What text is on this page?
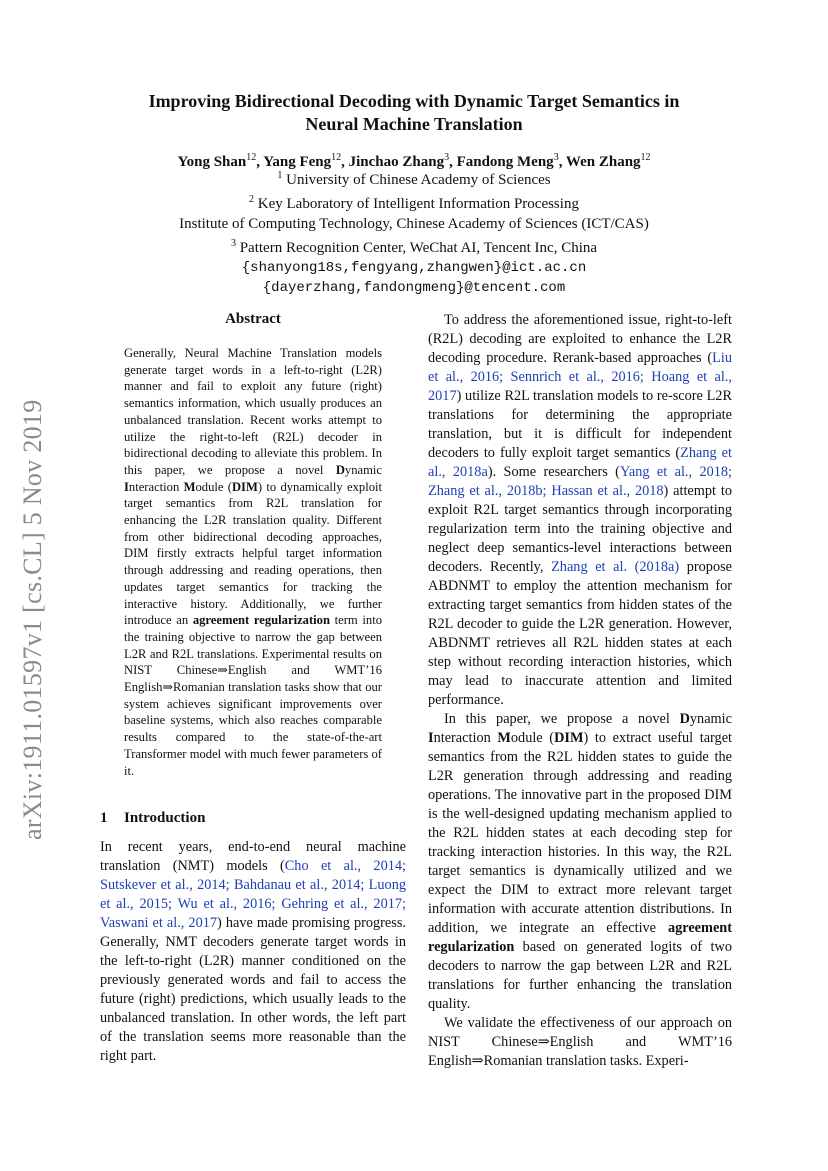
Improving Bidirectional Decoding with Dynamic Target Semantics in
Neural Machine Translation
Yong Shan$^{12}$, Yang Feng$^{12}$, Jinchao Zhang$^3$, Fandong Meng$^3$, Wen Zhang$^{12}$
$^1$ University of Chinese Academy of Sciences
$^2$ Key Laboratory of Intelligent Information Processing
Institute of Computing Technology, Chinese Academy of Sciences (ICT/CAS)
$^3$ Pattern Recognition Center, WeChat AI, Tencent Inc, China
{shanyong18s,fengyang,zhangwen}@ict.ac.cn
{dayerzhang,fandongmeng}@tencent.com
arXiv:1911.01597v1 [cs.CL] 5 Nov 2019
Abstract
Generally, Neural Machine Translation models generate target words in a left-to-right (L2R) manner and fail to exploit any future (right) semantics information, which usually produces an unbalanced translation. Recent works attempt to utilize the right-to-left (R2L) decoder in bidirectional decoding to alleviate this problem. In this paper, we propose a novel Dynamic Interaction Module (DIM) to dynamically exploit target semantics from R2L translation for enhancing the L2R translation quality. Different from other bidirectional decoding approaches, DIM firstly extracts helpful target information through addressing and reading operations, then updates target semantics for tracking the interactive history. Additionally, we further introduce an agreement regularization term into the training objective to narrow the gap between L2R and R2L translations. Experimental results on NIST Chinese⇒English and WMT’16 English⇒Romanian translation tasks show that our system achieves significant improvements over baseline systems, which also reaches comparable results compared to the state-of-the-art Transformer model with much fewer parameters of it.
1 Introduction

In recent years, end-to-end neural machine translation (NMT) models (Cho et al., 2014; Sutskever et al., 2014; Bahdanau et al., 2014; Luong et al., 2015; Wu et al., 2016; Gehring et al., 2017; Vaswani et al., 2017) have made promising progress. Generally, NMT decoders generate target words in the left-to-right (L2R) manner conditioned on the previously generated words and fail to access the future (right) predictions, which usually leads to the unbalanced translation. In other words, the left part of the translation seems more reasonable than the right part.

To address the aforementioned issue, right-to-left (R2L) decoding are exploited to enhance the L2R decoding procedure. Rerank-based approaches (Liu et al., 2016; Sennrich et al., 2016; Hoang et al., 2017) utilize R2L translation models to re-score L2R translations for determining the appropriate translation, but it is difficult for independent decoders to fully exploit target semantics (Zhang et al., 2018a). Some researchers (Yang et al., 2018; Zhang et al., 2018b; Hassan et al., 2018) attempt to exploit R2L target semantics through incorporating regularization term into the training objective and neglect deep semantics-level interactions between decoders. Recently, Zhang et al. (2018a) propose ABDNMT to employ the attention mechanism for extracting target semantics from hidden states of the R2L decoder to guide the L2R generation. However, ABDNMT retrieves all R2L hidden states at each step without recording interaction histories, which may lead to inaccurate attention and limited performance.

In this paper, we propose a novel Dynamic Interaction Module (DIM) to extract useful target semantics from the R2L hidden states to guide the L2R generation through addressing and reading operations. The innovative part in the proposed DIM is the well-designed updating mechanism applied to the R2L hidden states at each decoding step for tracking interaction histories. In this way, the R2L target semantics is dynamically utilized and we expect the DIM to extract more relevant target information with accurate attention distributions. In addition, we integrate an effective agreement regularization based on generated logits of two decoders to narrow the gap between L2R and R2L translations for further enhancing the translation quality.

We validate the effectiveness of our approach on NIST Chinese⇒English and WMT’16 English⇒Romanian translation tasks. Experi-
